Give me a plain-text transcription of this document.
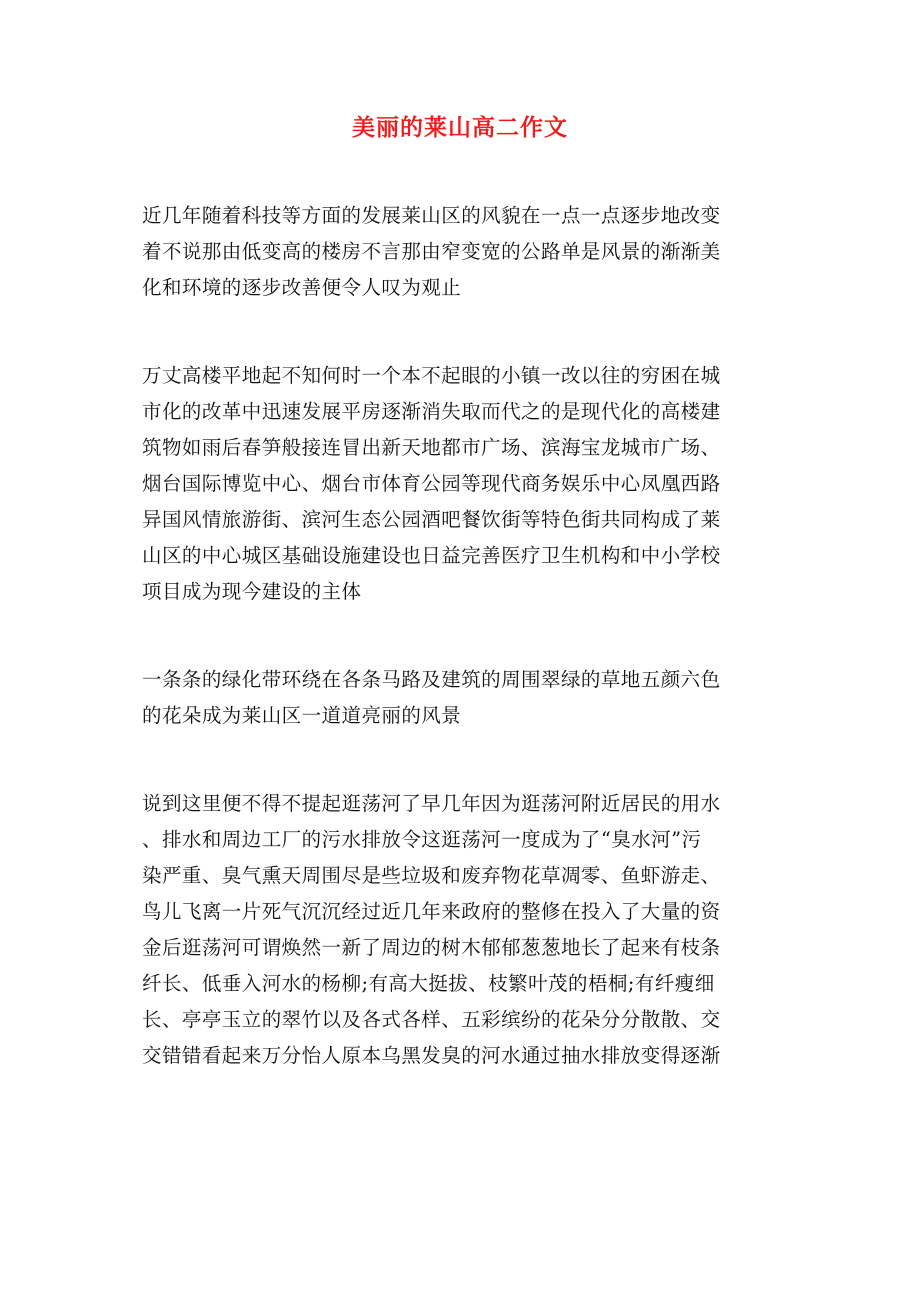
美丽的莱山高二作文
近几年随着科技等方面的发展莱山区的风貌在一点一点逐步地改变
着不说那由低变高的楼房不言那由窄变宽的公路单是风景的渐渐美
化和环境的逐步改善便令人叹为观止
万丈高楼平地起不知何时一个本不起眼的小镇一改以往的穷困在城
市化的改革中迅速发展平房逐渐消失取而代之的是现代化的高楼建
筑物如雨后春笋般接连冒出新天地都市广场、滨海宝龙城市广场、
烟台国际博览中心、烟台市体育公园等现代商务娱乐中心凤凰西路
异国风情旅游街、滨河生态公园酒吧餐饮街等特色街共同构成了莱
山区的中心城区基础设施建设也日益完善医疗卫生机构和中小学校
项目成为现今建设的主体
一条条的绿化带环绕在各条马路及建筑的周围翠绿的草地五颜六色
的花朵成为莱山区一道道亮丽的风景
说到这里便不得不提起逛荡河了早几年因为逛荡河附近居民的用水
、排水和周边工厂的污水排放令这逛荡河一度成为了“臭水河”污
染严重、臭气熏天周围尽是些垃圾和废弃物花草凋零、鱼虾游走、
鸟儿飞离一片死气沉沉经过近几年来政府的整修在投入了大量的资
金后逛荡河可谓焕然一新了周边的树木郁郁葱葱地长了起来有枝条
纤长、低垂入河水的杨柳;有高大挺拔、枝繁叶茂的梧桐;有纤瘦细
长、亭亭玉立的翠竹以及各式各样、五彩缤纷的花朵分分散散、交
交错错看起来万分怡人原本乌黑发臭的河水通过抽水排放变得逐渐
